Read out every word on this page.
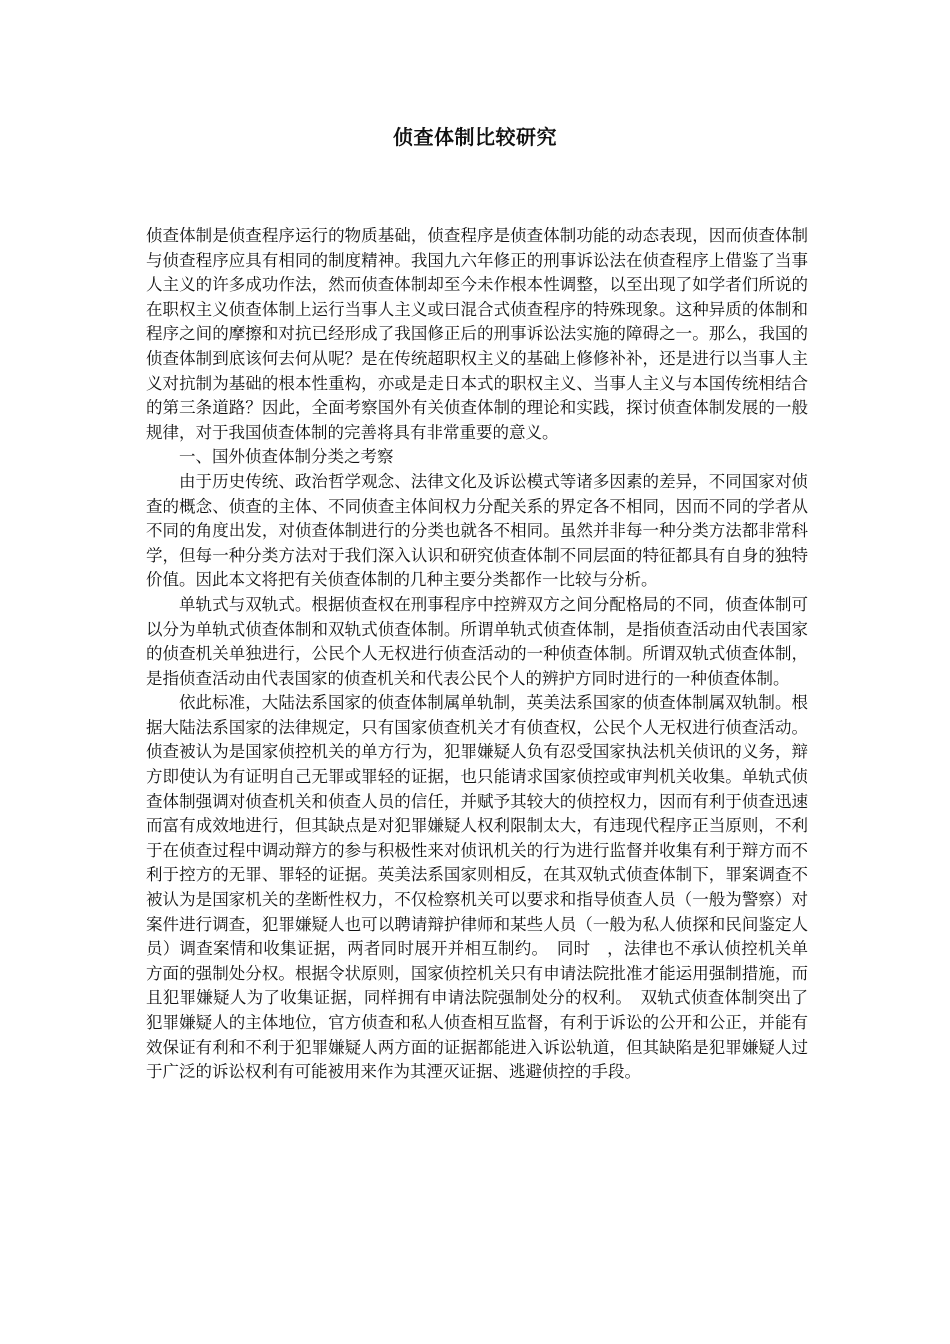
侦查体制比较研究

侦查体制是侦查程序运行的物质基础，侦查程序是侦查体制功能的动态表现，因而侦查体制与侦查程序应具有相同的制度精神。我国九六年修正的刑事诉讼法在侦查程序上借鉴了当事人主义的许多成功作法，然而侦查体制却至今未作根本性调整，以至出现了如学者们所说的在职权主义侦查体制上运行当事人主义或曰混合式侦查程序的特殊现象。这种异质的体制和程序之间的摩擦和对抗已经形成了我国修正后的刑事诉讼法实施的障碍之一。那么，我国的侦查体制到底该何去何从呢？是在传统超职权主义的基础上修修补补，还是进行以当事人主义对抗制为基础的根本性重构，亦或是走日本式的职权主义、当事人主义与本国传统相结合的第三条道路？因此，全面考察国外有关侦查体制的理论和实践，探讨侦查体制发展的一般规律，对于我国侦查体制的完善将具有非常重要的意义。

一、国外侦查体制分类之考察

由于历史传统、政治哲学观念、法律文化及诉讼模式等诸多因素的差异，不同国家对侦查的概念、侦查的主体、不同侦查主体间权力分配关系的界定各不相同，因而不同的学者从不同的角度出发，对侦查体制进行的分类也就各不相同。虽然并非每一种分类方法都非常科学，但每一种分类方法对于我们深入认识和研究侦查体制不同层面的特征都具有自身的独特价值。因此本文将把有关侦查体制的几种主要分类都作一比较与分析。

单轨式与双轨式。根据侦查权在刑事程序中控辨双方之间分配格局的不同，侦查体制可以分为单轨式侦查体制和双轨式侦查体制。所谓单轨式侦查体制，是指侦查活动由代表国家的侦查机关单独进行，公民个人无权进行侦查活动的一种侦查体制。所谓双轨式侦查体制，是指侦查活动由代表国家的侦查机关和代表公民个人的辨护方同时进行的一种侦查体制。

依此标准，大陆法系国家的侦查体制属单轨制，英美法系国家的侦查体制属双轨制。根据大陆法系国家的法律规定，只有国家侦查机关才有侦查权，公民个人无权进行侦查活动。侦查被认为是国家侦控机关的单方行为，犯罪嫌疑人负有忍受国家执法机关侦讯的义务，辩方即使认为有证明自己无罪或罪轻的证据，也只能请求国家侦控或审判机关收集。单轨式侦查体制强调对侦查机关和侦查人员的信任，并赋予其较大的侦控权力，因而有利于侦查迅速而富有成效地进行，但其缺点是对犯罪嫌疑人权利限制太大，有违现代程序正当原则，不利于在侦查过程中调动辩方的参与积极性来对侦讯机关的行为进行监督并收集有利于辩方而不利于控方的无罪、罪轻的证据。英美法系国家则相反，在其双轨式侦查体制下，罪案调查不被认为是国家机关的垄断性权力，不仅检察机关可以要求和指导侦查人员（一般为警察）对案件进行调查，犯罪嫌疑人也可以聘请辩护律师和某些人员（一般为私人侦探和民间鉴定人员）调查案情和收集证据，两者同时展开并相互制约。　同时　，法律也不承认侦控机关单方面的强制处分权。根据令状原则，国家侦控机关只有申请法院批准才能运用强制措施，而且犯罪嫌疑人为了收集证据，同样拥有申请法院强制处分的权利。　双轨式侦查体制突出了犯罪嫌疑人的主体地位，官方侦查和私人侦查相互监督，有利于诉讼的公开和公正，并能有效保证有利和不利于犯罪嫌疑人两方面的证据都能进入诉讼轨道，但其缺陷是犯罪嫌疑人过于广泛的诉讼权利有可能被用来作为其湮灭证据、逃避侦控的手段。
